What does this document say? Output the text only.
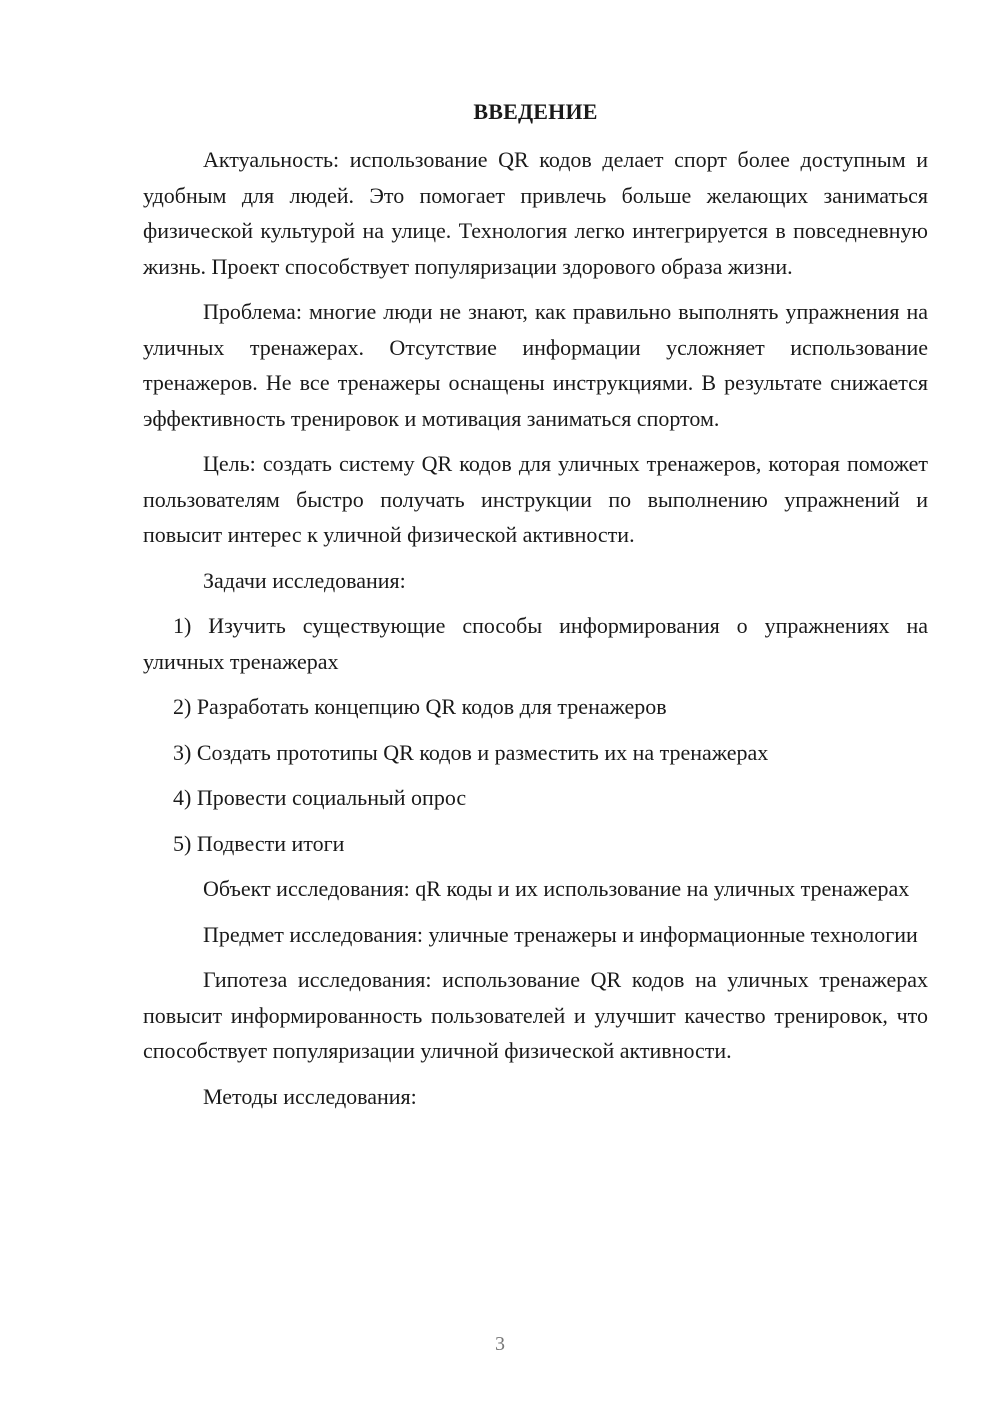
ВВЕДЕНИЕ

Актуальность: использование QR кодов делает спорт более доступным и удобным для людей. Это помогает привлечь больше желающих заниматься физической культурой на улице. Технология легко интегрируется в повседневную жизнь. Проект способствует популяризации здорового образа жизни.

Проблема: многие люди не знают, как правильно выполнять упражнения на уличных тренажерах. Отсутствие информации усложняет использование тренажеров. Не все тренажеры оснащены инструкциями. В результате снижается эффективность тренировок и мотивация заниматься спортом.

Цель: создать систему QR кодов для уличных тренажеров, которая поможет пользователям быстро получать инструкции по выполнению упражнений и повысит интерес к уличной физической активности.

Задачи исследования:

1) Изучить существующие способы информирования о упражнениях на уличных тренажерах

2) Разработать концепцию QR кодов для тренажеров

3) Создать прототипы QR кодов и разместить их на тренажерах

4) Провести социальный опрос

5) Подвести итоги

Объект исследования: qR коды и их использование на уличных тренажерах

Предмет исследования: уличные тренажеры и информационные технологии

Гипотеза исследования: использование QR кодов на уличных тренажерах повысит информированность пользователей и улучшит качество тренировок, что способствует популяризации уличной физической активности.

Методы исследования:

3
